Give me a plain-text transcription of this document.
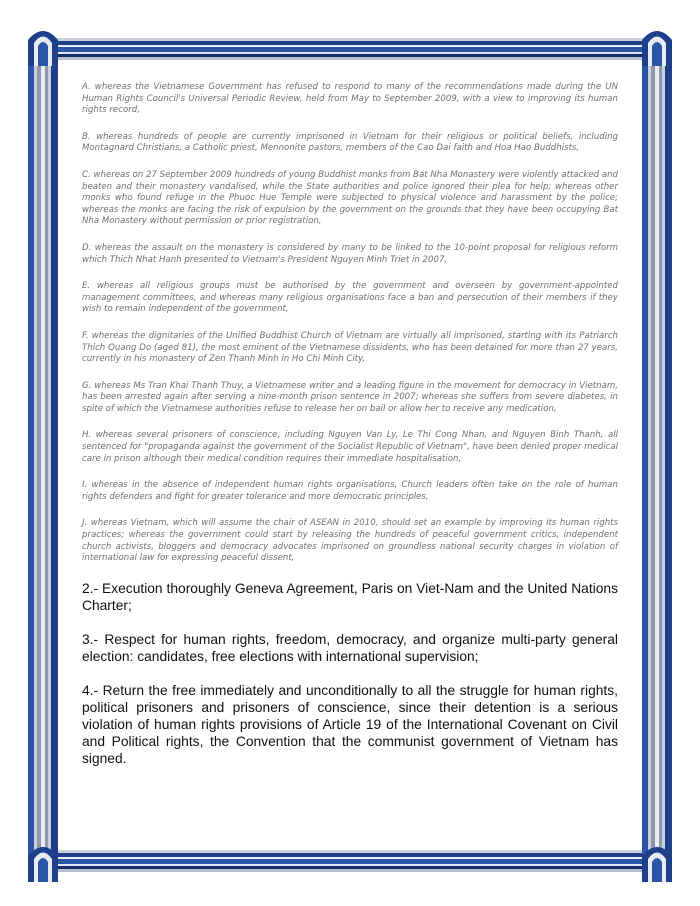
A. whereas the Vietnamese Government has refused to respond to many of the recommendations made during the UN Human Rights Council's Universal Periodic Review, held from May to September 2009, with a view to improving its human rights record,

B. whereas hundreds of people are currently imprisoned in Vietnam for their religious or political beliefs, including Montagnard Christians, a Catholic priest, Mennonite pastors, members of the Cao Dai faith and Hoa Hao Buddhists,

C. whereas on 27 September 2009 hundreds of young Buddhist monks from Bat Nha Monastery were violently attacked and beaten and their monastery vandalised, while the State authorities and police ignored their plea for help; whereas other monks who found refuge in the Phuoc Hue Temple were subjected to physical violence and harassment by the police; whereas the monks are facing the risk of expulsion by the government on the grounds that they have been occupying Bat Nha Monastery without permission or prior registration,

D. whereas the assault on the monastery is considered by many to be linked to the 10-point proposal for religious reform which Thich Nhat Hanh presented to Vietnam's President Nguyen Minh Triet in 2007,

E. whereas all religious groups must be authorised by the government and overseen by government-appointed management committees, and whereas many religious organisations face a ban and persecution of their members if they wish to remain independent of the government,

F. whereas the dignitaries of the Unified Buddhist Church of Vietnam are virtually all imprisoned, starting with its Patriarch Thich Quang Do (aged 81), the most eminent of the Vietnamese dissidents, who has been detained for more than 27 years, currently in his monastery of Zen Thanh Minh in Ho Chi Minh City,

G. whereas Ms Tran Khai Thanh Thuy, a Vietnamese writer and a leading figure in the movement for democracy in Vietnam, has been arrested again after serving a nine-month prison sentence in 2007; whereas she suffers from severe diabetes, in spite of which the Vietnamese authorities refuse to release her on bail or allow her to receive any medication,

H. whereas several prisoners of conscience, including Nguyen Van Ly, Le Thi Cong Nhan, and Nguyen Binh Thanh, all sentenced for "propaganda against the government of the Socialist Republic of Vietnam", have been denied proper medical care in prison although their medical condition requires their immediate hospitalisation,

I. whereas in the absence of independent human rights organisations, Church leaders often take on the role of human rights defenders and fight for greater tolerance and more democratic principles,

J. whereas Vietnam, which will assume the chair of ASEAN in 2010, should set an example by improving its human rights practices; whereas the government could start by releasing the hundreds of peaceful government critics, independent church activists, bloggers and democracy advocates imprisoned on groundless national security charges in violation of international law for expressing peaceful dissent,

2.- Execution thoroughly Geneva Agreement, Paris on Viet-Nam and the United Nations Charter;

3.- Respect for human rights, freedom, democracy, and organize multi-party general election: candidates, free elections with international supervision;

4.- Return the free immediately and unconditionally to all the struggle for human rights, political prisoners and prisoners of conscience, since their detention is a serious violation of human rights provisions of Article 19 of the International Covenant on Civil and Political rights, the Convention that the communist government of Vietnam has signed.
